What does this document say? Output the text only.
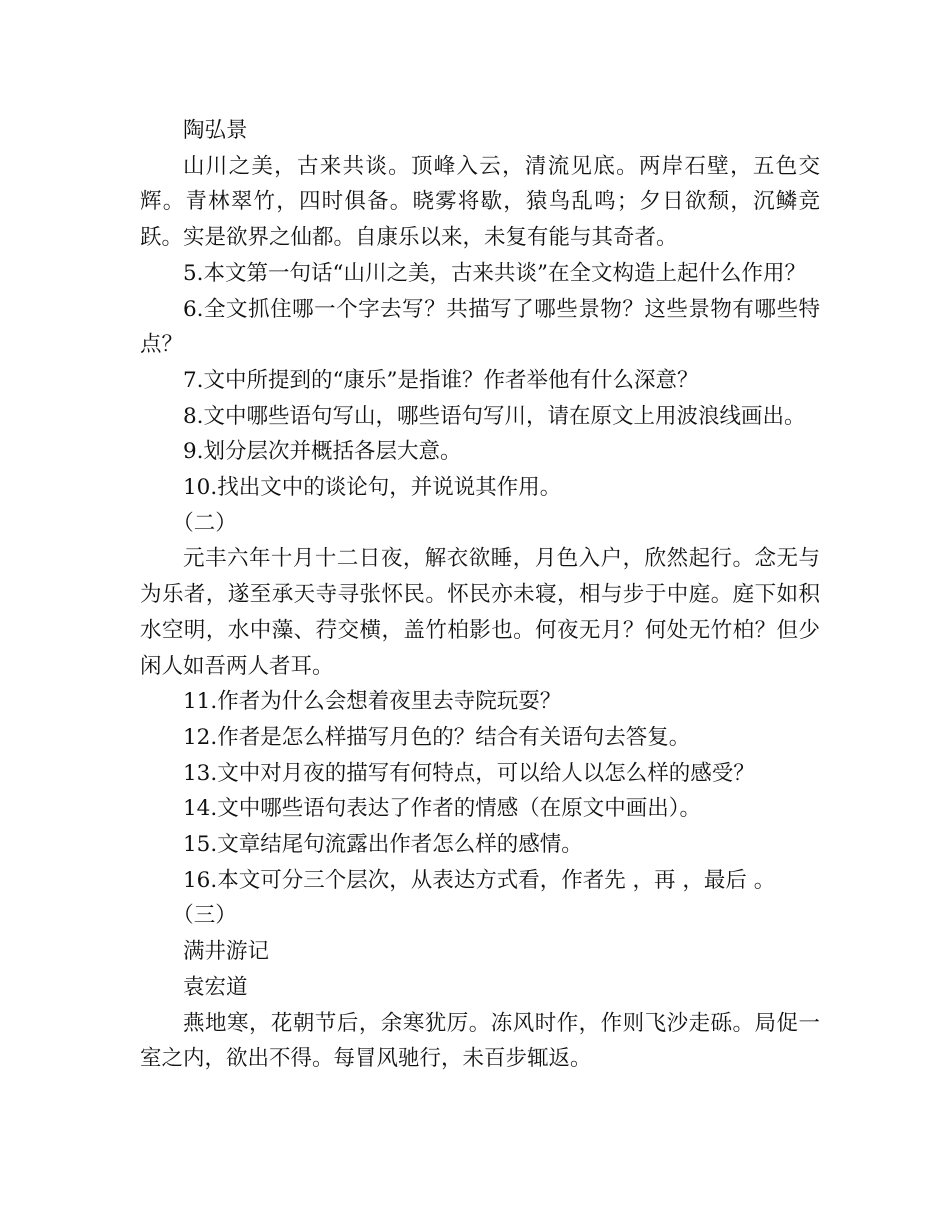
陶弘景

山川之美，古来共谈。顶峰入云，清流见底。两岸石壁，五色交辉。青林翠竹，四时俱备。晓雾将歇，猿鸟乱鸣；夕日欲颓，沉鳞竞跃。实是欲界之仙都。自康乐以来，未复有能与其奇者。

5.本文第一句话“山川之美，古来共谈”在全文构造上起什么作用？

6.全文抓住哪一个字去写？共描写了哪些景物？这些景物有哪些特点？

7.文中所提到的“康乐”是指谁？作者举他有什么深意？

8.文中哪些语句写山，哪些语句写川，请在原文上用波浪线画出。

9.划分层次并概括各层大意。

10.找出文中的谈论句，并说说其作用。

（二）

元丰六年十月十二日夜，解衣欲睡，月色入户，欣然起行。念无与为乐者，遂至承天寺寻张怀民。怀民亦未寝，相与步于中庭。庭下如积水空明，水中藻、荇交横，盖竹柏影也。何夜无月？何处无竹柏？但少闲人如吾两人者耳。

11.作者为什么会想着夜里去寺院玩耍？

12.作者是怎么样描写月色的？结合有关语句去答复。

13.文中对月夜的描写有何特点，可以给人以怎么样的感受？

14.文中哪些语句表达了作者的情感（在原文中画出）。

15.文章结尾句流露出作者怎么样的感情。

16.本文可分三个层次，从表达方式看，作者先 ，再 ，最后 。

（三）

满井游记

袁宏道

燕地寒，花朝节后，余寒犹厉。冻风时作，作则飞沙走砾。局促一室之内，欲出不得。每冒风驰行，未百步辄返。
